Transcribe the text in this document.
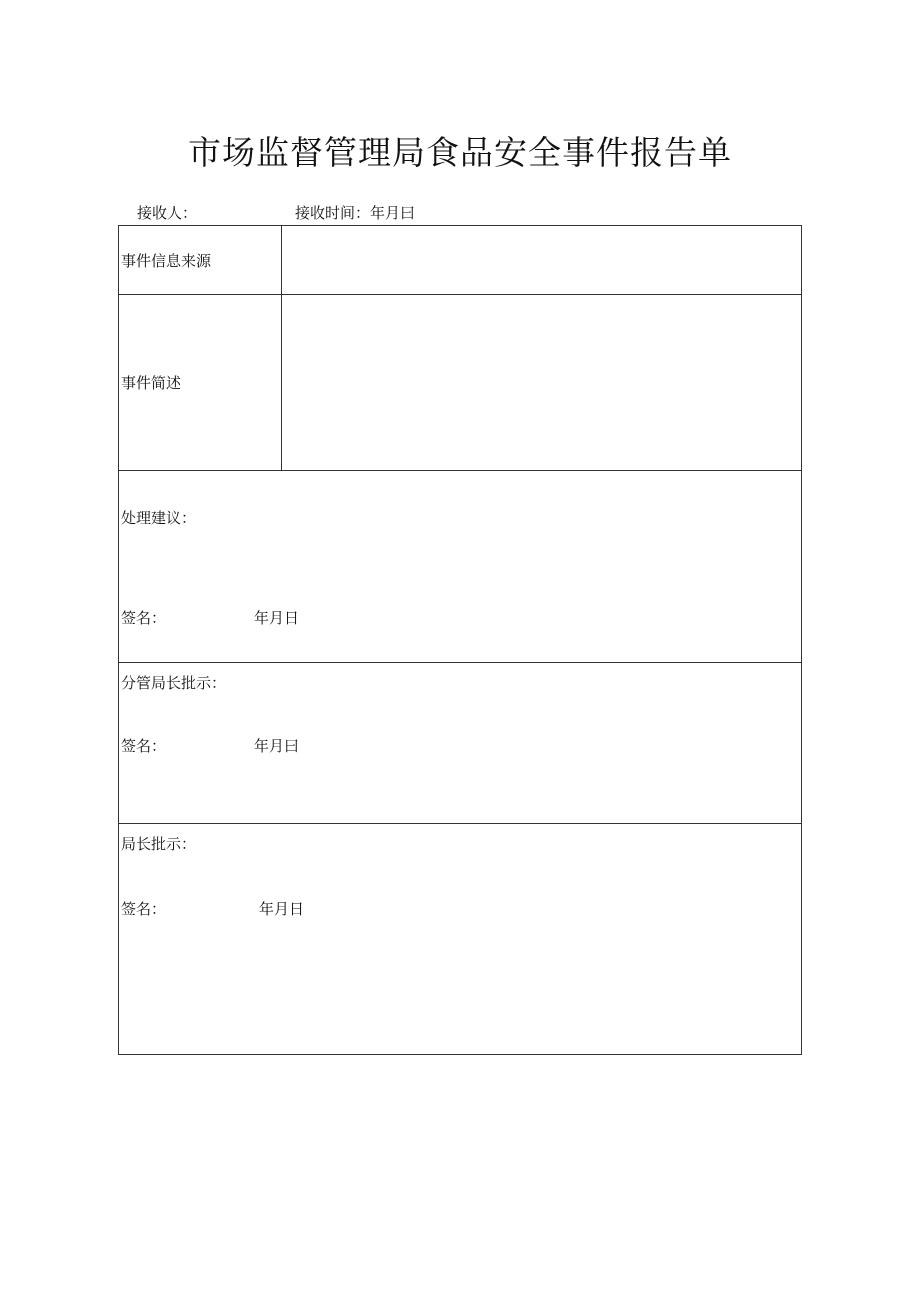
市场监督管理局食品安全事件报告单
接收人：	接收时间：年月曰
事件信息来源
事件简述
处理建议：
签名：	年月日
分管局长批示：
签名：	年月曰
局长批示：
签名：	年月日
